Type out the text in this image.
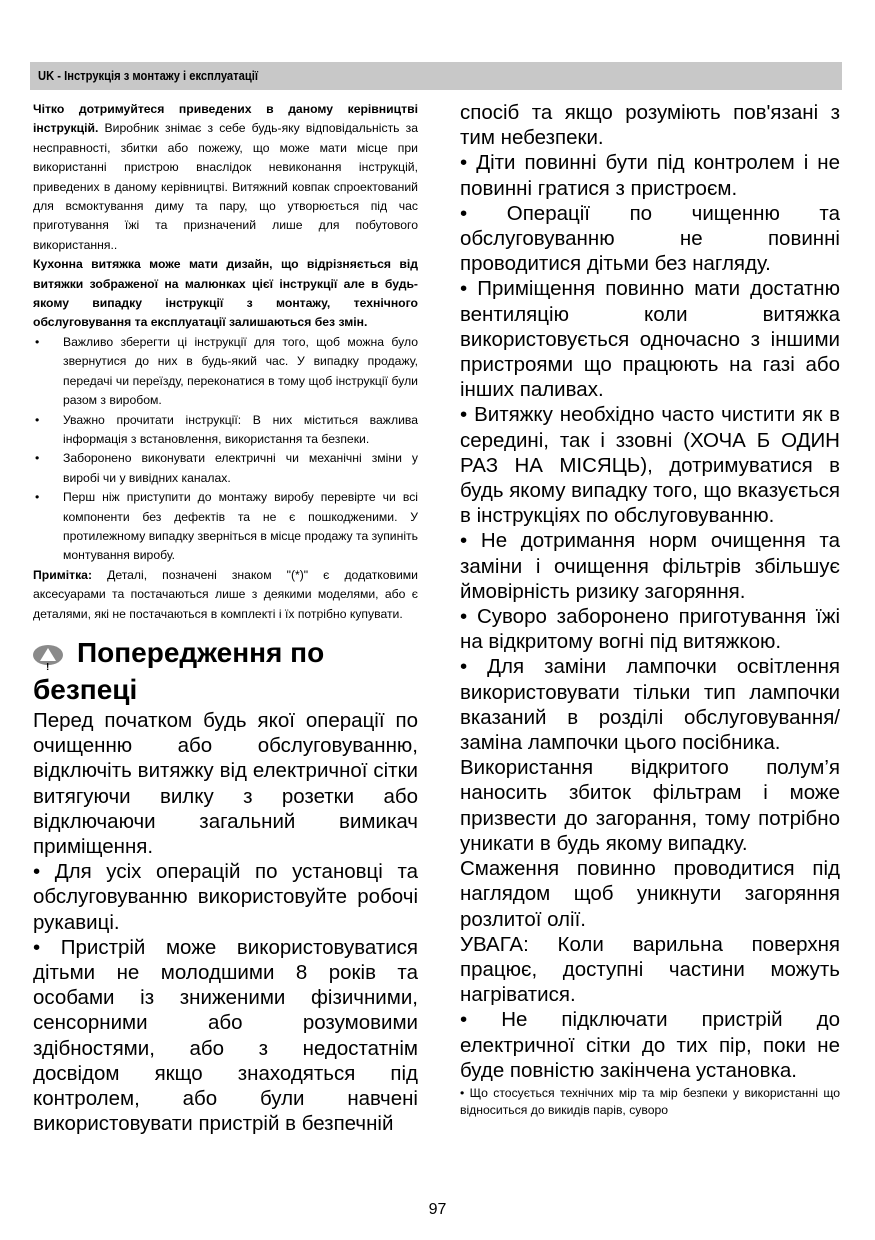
UK - Інструкція з монтажу і експлуатації

Чітко дотримуйтеся приведених в даному керівництві інструкцій. Виробник знімає з себе будь-яку відповідальність за несправності, збитки або пожежу, що може мати місце при використанні пристрою внаслідок невиконання інструкцій, приведених в даному керівництві. Витяжний ковпак спроектований для всмоктування диму та пару, що утворюється під час приготування їжі та призначений лише для побутового використання..

Кухонна витяжка може мати дизайн, що відрізняється від витяжки зображеної на малюнках цієї інструкції але в будь-якому випадку інструкції з монтажу, технічного обслуговування та експлуатації залишаються без змін.

• Важливо зберегти ці інструкції для того, щоб можна було звернутися до них в будь-який час. У випадку продажу, передачі чи переїзду, переконатися в тому щоб інструкції були разом з виробом.
• Уважно прочитати інструкції: В них міститься важлива інформація з встановлення, використання та безпеки.
• Заборонено виконувати електричні чи механічні зміни у виробі чи у вивідних каналах.
• Перш ніж приступити до монтажу виробу перевірте чи всі компоненти без дефектів та не є пошкодженими. У протилежному випадку зверніться в місце продажу та зупиніть монтування виробу.

Примітка: Деталі, позначені знаком "(*)" є додатковими аксесуарами та постачаються лише з деякими моделями, або є деталями, які не постачаються в комплекті і їх потрібно купувати.

!
Попередження по
безпеці

Перед початком будь якої операції по очищенню або обслуговуванню, відключіть витяжку від електричної сітки витягуючи вилку з розетки або відключаючи загальний вимикач приміщення.

• Для усіх операцій по установці та обслуговуванню використовуйте робочі рукавиці.

• Пристрій може використовуватися дітьми не молодшими 8 років та особами із зниженими фізичними, сенсорними або розумовими здібностями, або з недостатнім досвідом якщо знаходяться під контролем, або були навчені використовувати пристрій в безпечній

спосіб та якщо розуміють пов'язані з тим небезпеки.

• Діти повинні бути під контролем і не повинні гратися з пристроєм.

• Операції по чищенню та обслуговуванню не повинні проводитися дітьми без нагляду.

• Приміщення повинно мати достатню вентиляцію коли витяжка використовується одночасно з іншими пристроями що працюють на газі або інших паливах.

• Витяжку необхідно часто чистити як в середині, так і ззовні (ХОЧА Б ОДИН РАЗ НА МІСЯЦЬ), дотримуватися в будь якому випадку того, що вказується в інструкціях по обслуговуванню.

• Не дотримання норм очищення та заміни і очищення фільтрів збільшує ймовірність ризику загоряння.

• Суворо заборонено приготування їжі на відкритому вогні під витяжкою.

• Для заміни лампочки освітлення використовувати тільки тип лампочки вказаний в розділі обслуговування/заміна лампочки цього посібника.

Використання відкритого полум’я наносить збиток фільтрам і може призвести до загорання, тому потрібно уникати в будь якому випадку.

Смаження повинно проводитися під наглядом щоб уникнути загоряння розлитої олії.

УВАГА: Коли варильна поверхня працює, доступні частини можуть нагріватися.

• Не підключати пристрій до електричної сітки до тих пір, поки не буде повністю закінчена установка.

• Що стосується технічних мір та мір безпеки у використанні що відноситься до викидів парів, суворо
97
